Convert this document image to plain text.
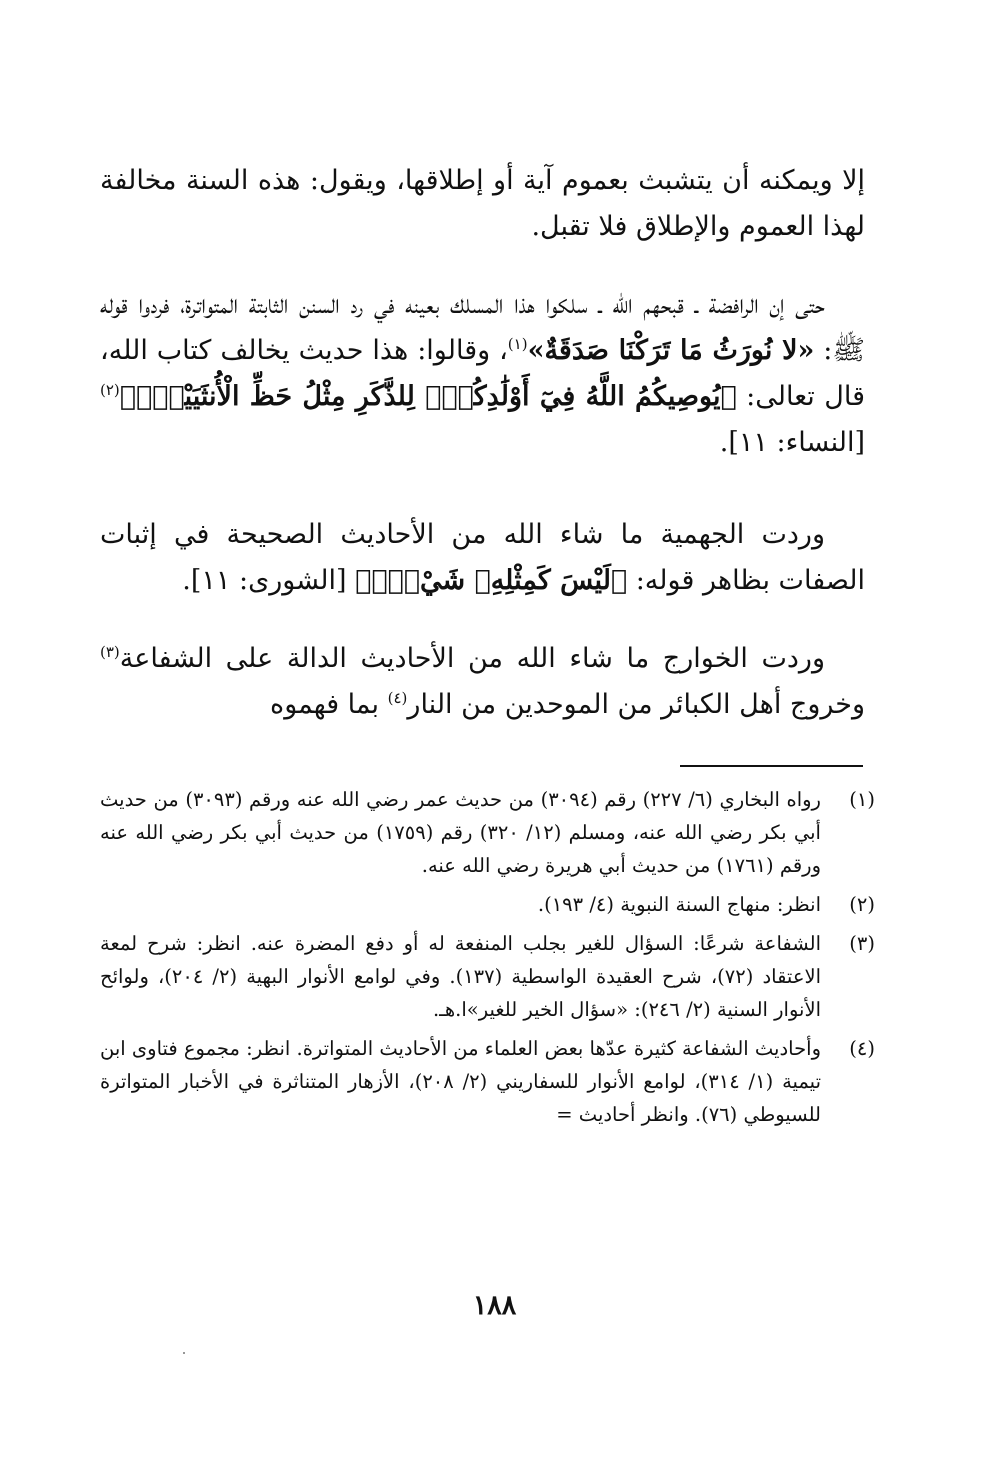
إلا ويمكنه أن يتشبث بعموم آية أو إطلاقها، ويقول: هذه السنة مخالفة لهذا العموم والإطلاق فلا تقبل.

حتى إن الرافضة ـ قبحهم الله ـ سلكوا هذا المسلك بعينه في رد السنن الثابتة المتواترة، فردوا قوله ﷺ: «لا نُورَثُ مَا تَرَكْنَا صَدَقَةٌ»$^{(١)}$، وقالوا: هذا حديث يخالف كتاب الله، قال تعالى: ﴿يُوصِيكُمُ اللَّهُ فِيٓ أَوْلَٰدِكُمْۖ لِلذَّكَرِ مِثْلُ حَظِّ الْأُنثَيَيْنِۚ﴾$^{(٢)}$ [النساء: ١١].

وردت الجهمية ما شاء الله من الأحاديث الصحيحة في إثبات الصفات بظاهر قوله: ﴿لَيْسَ كَمِثْلِهِۦ شَيْءٌۖ﴾ [الشورى: ١١].

وردت الخوارج ما شاء الله من الأحاديث الدالة على الشفاعة$^{(٣)}$ وخروج أهل الكبائر من الموحدين من النار$^{(٤)}$ بما فهموه

(١)
رواه البخاري (٦/ ٢٢٧) رقم (٣٠٩٤) من حديث عمر رضي الله عنه ورقم (٣٠٩٣) من حديث أبي بكر رضي الله عنه، ومسلم (١٢/ ٣٢٠) رقم (١٧٥٩) من حديث أبي بكر رضي الله عنه ورقم (١٧٦١) من حديث أبي هريرة رضي الله عنه.
(٢)
انظر: منهاج السنة النبوية (٤/ ١٩٣).
(٣)
الشفاعة شرعًا: السؤال للغير بجلب المنفعة له أو دفع المضرة عنه. انظر: شرح لمعة الاعتقاد (٧٢)، شرح العقيدة الواسطية (١٣٧). وفي لوامع الأنوار البهية (٢/ ٢٠٤)، ولوائح الأنوار السنية (٢/ ٢٤٦): «سؤال الخير للغير»ا.هـ.
(٤)
وأحاديث الشفاعة كثيرة عدّها بعض العلماء من الأحاديث المتواترة. انظر: مجموع فتاوى ابن تيمية (١/ ٣١٤)، لوامع الأنوار للسفاريني (٢/ ٢٠٨)، الأزهار المتناثرة في الأخبار المتواترة للسيوطي (٧٦). وانظر أحاديث =
١٨٨
